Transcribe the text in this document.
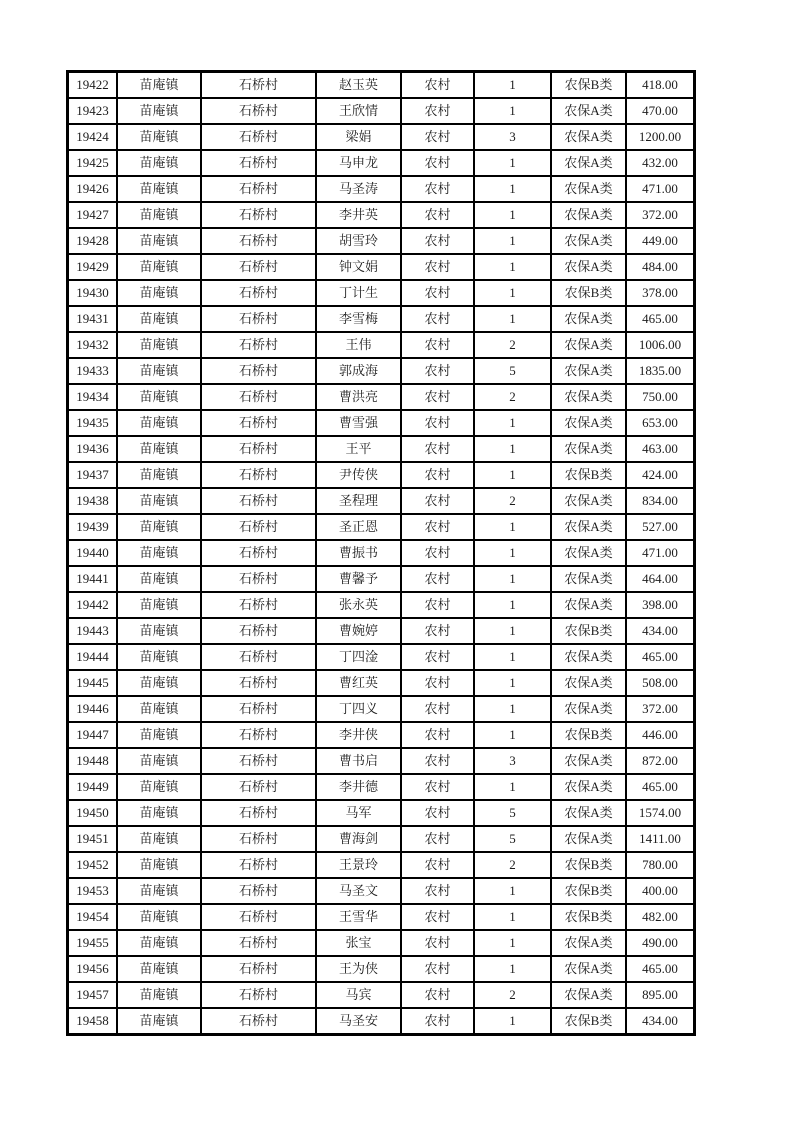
19422	苗庵镇	石桥村	赵玉英	农村	1	农保B类	418.00
19423	苗庵镇	石桥村	王欣情	农村	1	农保A类	470.00
19424	苗庵镇	石桥村	梁娟	农村	3	农保A类	1200.00
19425	苗庵镇	石桥村	马申龙	农村	1	农保A类	432.00
19426	苗庵镇	石桥村	马圣涛	农村	1	农保A类	471.00
19427	苗庵镇	石桥村	李井英	农村	1	农保A类	372.00
19428	苗庵镇	石桥村	胡雪玲	农村	1	农保A类	449.00
19429	苗庵镇	石桥村	钟文娟	农村	1	农保A类	484.00
19430	苗庵镇	石桥村	丁计生	农村	1	农保B类	378.00
19431	苗庵镇	石桥村	李雪梅	农村	1	农保A类	465.00
19432	苗庵镇	石桥村	王伟	农村	2	农保A类	1006.00
19433	苗庵镇	石桥村	郭成海	农村	5	农保A类	1835.00
19434	苗庵镇	石桥村	曹洪亮	农村	2	农保A类	750.00
19435	苗庵镇	石桥村	曹雪强	农村	1	农保A类	653.00
19436	苗庵镇	石桥村	王平	农村	1	农保A类	463.00
19437	苗庵镇	石桥村	尹传侠	农村	1	农保B类	424.00
19438	苗庵镇	石桥村	圣程理	农村	2	农保A类	834.00
19439	苗庵镇	石桥村	圣正恩	农村	1	农保A类	527.00
19440	苗庵镇	石桥村	曹振书	农村	1	农保A类	471.00
19441	苗庵镇	石桥村	曹馨予	农村	1	农保A类	464.00
19442	苗庵镇	石桥村	张永英	农村	1	农保A类	398.00
19443	苗庵镇	石桥村	曹婉婷	农村	1	农保B类	434.00
19444	苗庵镇	石桥村	丁四淦	农村	1	农保A类	465.00
19445	苗庵镇	石桥村	曹红英	农村	1	农保A类	508.00
19446	苗庵镇	石桥村	丁四义	农村	1	农保A类	372.00
19447	苗庵镇	石桥村	李井侠	农村	1	农保B类	446.00
19448	苗庵镇	石桥村	曹书启	农村	3	农保A类	872.00
19449	苗庵镇	石桥村	李井德	农村	1	农保A类	465.00
19450	苗庵镇	石桥村	马军	农村	5	农保A类	1574.00
19451	苗庵镇	石桥村	曹海剑	农村	5	农保A类	1411.00
19452	苗庵镇	石桥村	王景玲	农村	2	农保B类	780.00
19453	苗庵镇	石桥村	马圣文	农村	1	农保B类	400.00
19454	苗庵镇	石桥村	王雪华	农村	1	农保B类	482.00
19455	苗庵镇	石桥村	张宝	农村	1	农保A类	490.00
19456	苗庵镇	石桥村	王为侠	农村	1	农保A类	465.00
19457	苗庵镇	石桥村	马宾	农村	2	农保A类	895.00
19458	苗庵镇	石桥村	马圣安	农村	1	农保B类	434.00
